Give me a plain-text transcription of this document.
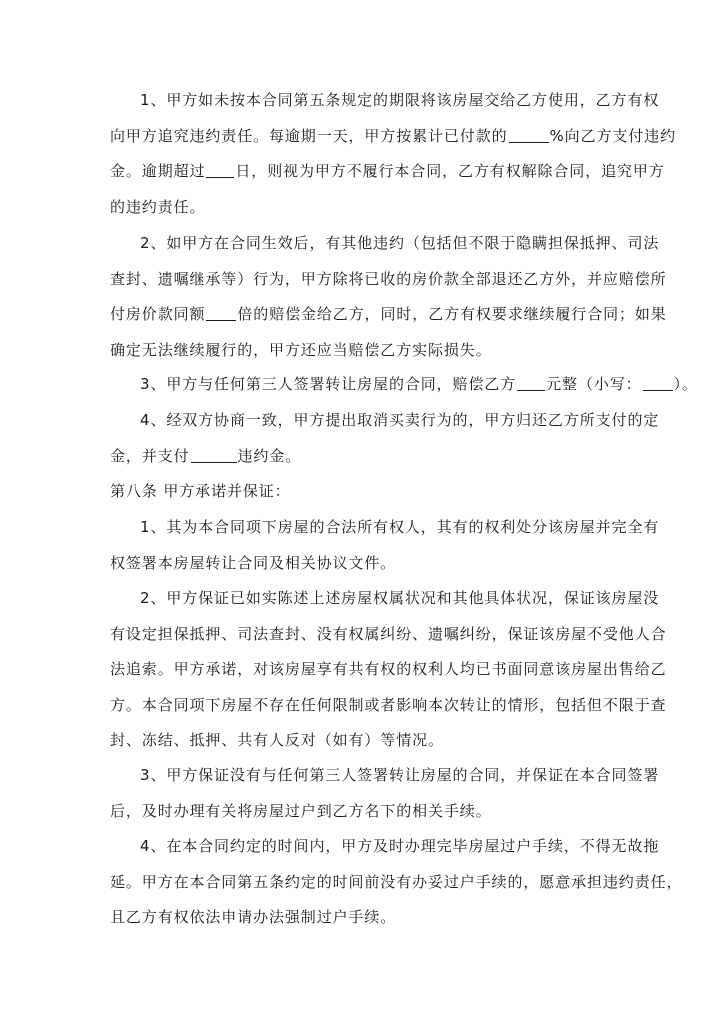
1、甲方如未按本合同第五条规定的期限将该房屋交给乙方使用，乙方有权
向甲方追究违约责任。每逾期一天，甲方按累计已付款的	%向乙方支付违约
金。逾期超过 日，则视为甲方不履行本合同，乙方有权解除合同，追究甲方
的违约责任。
2、如甲方在合同生效后，有其他违约（包括但不限于隐瞒担保抵押、司法
查封、遗嘱继承等）行为，甲方除将已收的房价款全部退还乙方外，并应赔偿所
付房价款同额 倍的赔偿金给乙方，同时，乙方有权要求继续履行合同；如果
确定无法继续履行的，甲方还应当赔偿乙方实际损失。
3、甲方与任何第三人签署转让房屋的合同，赔偿乙方 元整（小写： ）。
4、经双方协商一致，甲方提出取消买卖行为的，甲方归还乙方所支付的定
金，并支付	违约金。
第八条 甲方承诺并保证：
1、其为本合同项下房屋的合法所有权人，其有的权利处分该房屋并完全有
权签署本房屋转让合同及相关协议文件。
2、甲方保证已如实陈述上述房屋权属状况和其他具体状况，保证该房屋没
有设定担保抵押、司法查封、没有权属纠纷、遗嘱纠纷，保证该房屋不受他人合
法追索。甲方承诺，对该房屋享有共有权的权利人均已书面同意该房屋出售给乙
方。本合同项下房屋不存在任何限制或者影响本次转让的情形，包括但不限于查
封、冻结、抵押、共有人反对（如有）等情况。
3、甲方保证没有与任何第三人签署转让房屋的合同，并保证在本合同签署
后，及时办理有关将房屋过户到乙方名下的相关手续。
4、在本合同约定的时间内，甲方及时办理完毕房屋过户手续，不得无故拖
延。甲方在本合同第五条约定的时间前没有办妥过户手续的，愿意承担违约责任，
且乙方有权依法申请办法强制过户手续。
